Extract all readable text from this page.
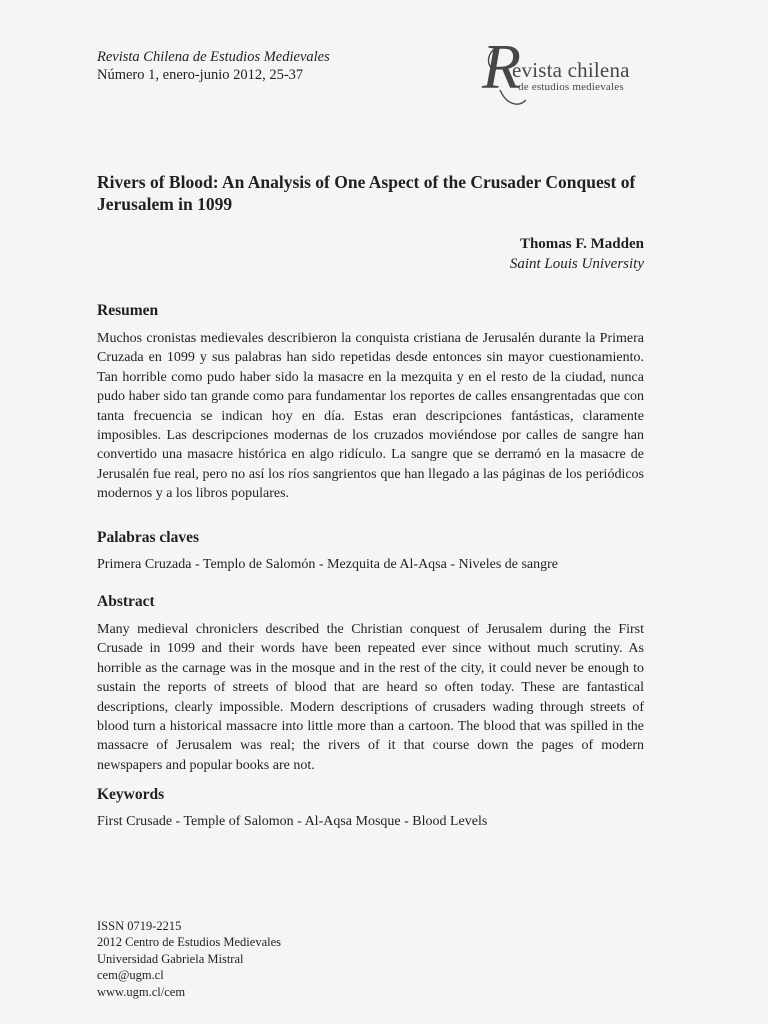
Revista Chilena de Estudios Medievales
Número 1, enero-junio 2012, 25-37	R
evista chilena
de estudios medievales
Rivers of Blood: An Analysis of One Aspect of the Crusader Conquest of Jerusalem in 1099
Thomas F. Madden
Saint Louis University
Resumen
Muchos cronistas medievales describieron la conquista cristiana de Jerusalén durante la Primera Cruzada en 1099 y sus palabras han sido repetidas desde entonces sin mayor cuestionamiento. Tan horrible como pudo haber sido la masacre en la mezquita y en el resto de la ciudad, nunca pudo haber sido tan grande como para fundamentar los reportes de calles ensangrentadas que con tanta frecuencia se indican hoy en día. Estas eran descripciones fantásticas, claramente imposibles. Las descripciones modernas de los cruzados moviéndose por calles de sangre han convertido una masacre histórica en algo ridículo. La sangre que se derramó en la masacre de Jerusalén fue real, pero no así los ríos sangrientos que han llegado a las páginas de los periódicos modernos y a los libros populares.
Palabras claves
Primera Cruzada - Templo de Salomón - Mezquita de Al-Aqsa - Niveles de sangre
Abstract
Many medieval chroniclers described the Christian conquest of Jerusalem during the First Crusade in 1099 and their words have been repeated ever since without much scrutiny. As horrible as the carnage was in the mosque and in the rest of the city, it could never be enough to sustain the reports of streets of blood that are heard so often today. These are fantastical descriptions, clearly impossible. Modern descriptions of crusaders wading through streets of blood turn a historical massacre into little more than a cartoon. The blood that was spilled in the massacre of Jerusalem was real; the rivers of it that course down the pages of modern newspapers and popular books are not.
Keywords
First Crusade - Temple of Salomon - Al-Aqsa Mosque - Blood Levels
ISSN 0719-2215
2012 Centro de Estudios Medievales
Universidad Gabriela Mistral
cem@ugm.cl
www.ugm.cl/cem
